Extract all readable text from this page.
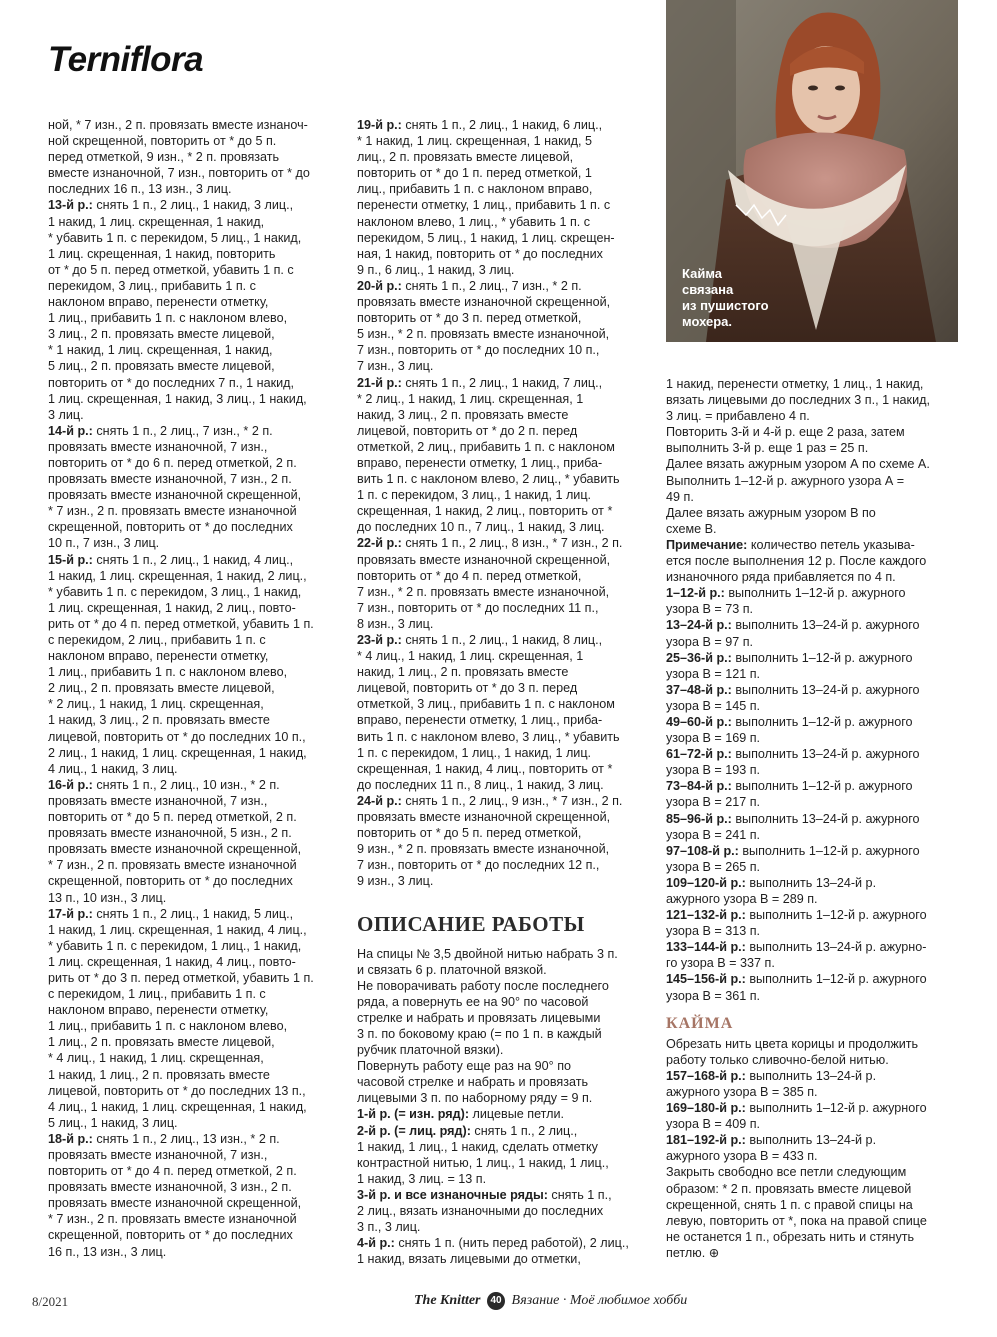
Terniflora

ной, * 7 изн., 2 п. провязать вместе изнаноч-

ной скрещенной, повторить от * до 5 п.

перед отметкой, 9 изн., * 2 п. провязать

вместе изнаночной, 7 изн., повторить от * до

последних 16 п., 13 изн., 3 лиц.

13-й р.: снять 1 п., 2 лиц., 1 накид, 3 лиц.,

1 накид, 1 лиц. скрещенная, 1 накид,

* убавить 1 п. с перекидом, 5 лиц., 1 накид,

1 лиц. скрещенная, 1 накид, повторить

от * до 5 п. перед отметкой, убавить 1 п. с

перекидом, 3 лиц., прибавить 1 п. с

наклоном вправо, перенести отметку,

1 лиц., прибавить 1 п. с наклоном влево,

3 лиц., 2 п. провязать вместе лицевой,

* 1 накид, 1 лиц. скрещенная, 1 накид,

5 лиц., 2 п. провязать вместе лицевой,

повторить от * до последних 7 п., 1 накид,

1 лиц. скрещенная, 1 накид, 3 лиц., 1 накид,

3 лиц.

14-й р.: снять 1 п., 2 лиц., 7 изн., * 2 п.

провязать вместе изнаночной, 7 изн.,

повторить от * до 6 п. перед отметкой, 2 п.

провязать вместе изнаночной, 7 изн., 2 п.

провязать вместе изнаночной скрещенной,

* 7 изн., 2 п. провязать вместе изнаночной

скрещенной, повторить от * до последних

10 п., 7 изн., 3 лиц.

15-й р.: снять 1 п., 2 лиц., 1 накид, 4 лиц.,

1 накид, 1 лиц. скрещенная, 1 накид, 2 лиц.,

* убавить 1 п. с перекидом, 3 лиц., 1 накид,

1 лиц. скрещенная, 1 накид, 2 лиц., повто-

рить от * до 4 п. перед отметкой, убавить 1 п.

с перекидом, 2 лиц., прибавить 1 п. с

наклоном вправо, перенести отметку,

1 лиц., прибавить 1 п. с наклоном влево,

2 лиц., 2 п. провязать вместе лицевой,

* 2 лиц., 1 накид, 1 лиц. скрещенная,

1 накид, 3 лиц., 2 п. провязать вместе

лицевой, повторить от * до последних 10 п.,

2 лиц., 1 накид, 1 лиц. скрещенная, 1 накид,

4 лиц., 1 накид, 3 лиц.

16-й р.: снять 1 п., 2 лиц., 10 изн., * 2 п.

провязать вместе изнаночной, 7 изн.,

повторить от * до 5 п. перед отметкой, 2 п.

провязать вместе изнаночной, 5 изн., 2 п.

провязать вместе изнаночной скрещенной,

* 7 изн., 2 п. провязать вместе изнаночной

скрещенной, повторить от * до последних

13 п., 10 изн., 3 лиц.

17-й р.: снять 1 п., 2 лиц., 1 накид, 5 лиц.,

1 накид, 1 лиц. скрещенная, 1 накид, 4 лиц.,

* убавить 1 п. с перекидом, 1 лиц., 1 накид,

1 лиц. скрещенная, 1 накид, 4 лиц., повто-

рить от * до 3 п. перед отметкой, убавить 1 п.

с перекидом, 1 лиц., прибавить 1 п. с

наклоном вправо, перенести отметку,

1 лиц., прибавить 1 п. с наклоном влево,

1 лиц., 2 п. провязать вместе лицевой,

* 4 лиц., 1 накид, 1 лиц. скрещенная,

1 накид, 1 лиц., 2 п. провязать вместе

лицевой, повторить от * до последних 13 п.,

4 лиц., 1 накид, 1 лиц. скрещенная, 1 накид,

5 лиц., 1 накид, 3 лиц.

18-й р.: снять 1 п., 2 лиц., 13 изн., * 2 п.

провязать вместе изнаночной, 7 изн.,

повторить от * до 4 п. перед отметкой, 2 п.

провязать вместе изнаночной, 3 изн., 2 п.

провязать вместе изнаночной скрещенной,

* 7 изн., 2 п. провязать вместе изнаночной

скрещенной, повторить от * до последних

16 п., 13 изн., 3 лиц.

19-й р.: снять 1 п., 2 лиц., 1 накид, 6 лиц.,

* 1 накид, 1 лиц. скрещенная, 1 накид, 5

лиц., 2 п. провязать вместе лицевой,

повторить от * до 1 п. перед отметкой, 1

лиц., прибавить 1 п. с наклоном вправо,

перенести отметку, 1 лиц., прибавить 1 п. с

наклоном влево, 1 лиц., * убавить 1 п. с

перекидом, 5 лиц., 1 накид, 1 лиц. скрещен-

ная, 1 накид, повторить от * до последних

9 п., 6 лиц., 1 накид, 3 лиц.

20-й р.: снять 1 п., 2 лиц., 7 изн., * 2 п.

провязать вместе изнаночной скрещенной,

повторить от * до 3 п. перед отметкой,

5 изн., * 2 п. провязать вместе изнаночной,

7 изн., повторить от * до последних 10 п.,

7 изн., 3 лиц.

21-й р.: снять 1 п., 2 лиц., 1 накид, 7 лиц.,

* 2 лиц., 1 накид, 1 лиц. скрещенная, 1

накид, 3 лиц., 2 п. провязать вместе

лицевой, повторить от * до 2 п. перед

отметкой, 2 лиц., прибавить 1 п. с наклоном

вправо, перенести отметку, 1 лиц., приба-

вить 1 п. с наклоном влево, 2 лиц., * убавить

1 п. с перекидом, 3 лиц., 1 накид, 1 лиц.

скрещенная, 1 накид, 2 лиц., повторить от *

до последних 10 п., 7 лиц., 1 накид, 3 лиц.

22-й р.: снять 1 п., 2 лиц., 8 изн., * 7 изн., 2 п.

провязать вместе изнаночной скрещенной,

повторить от * до 4 п. перед отметкой,

7 изн., * 2 п. провязать вместе изнаночной,

7 изн., повторить от * до последних 11 п.,

8 изн., 3 лиц.

23-й р.: снять 1 п., 2 лиц., 1 накид, 8 лиц.,

* 4 лиц., 1 накид, 1 лиц. скрещенная, 1

накид, 1 лиц., 2 п. провязать вместе

лицевой, повторить от * до 3 п. перед

отметкой, 3 лиц., прибавить 1 п. с наклоном

вправо, перенести отметку, 1 лиц., приба-

вить 1 п. с наклоном влево, 3 лиц., * убавить

1 п. с перекидом, 1 лиц., 1 накид, 1 лиц.

скрещенная, 1 накид, 4 лиц., повторить от *

до последних 11 п., 8 лиц., 1 накид, 3 лиц.

24-й р.: снять 1 п., 2 лиц., 9 изн., * 7 изн., 2 п.

провязать вместе изнаночной скрещенной,

повторить от * до 5 п. перед отметкой,

9 изн., * 2 п. провязать вместе изнаночной,

7 изн., повторить от * до последних 12 п.,

9 изн., 3 лиц.

ОПИСАНИЕ РАБОТЫ

На спицы № 3,5 двойной нитью набрать 3 п.

и связать 6 р. платочной вязкой.

Не поворачивать работу после последнего

ряда, а повернуть ее на 90° по часовой

стрелке и набрать и провязать лицевыми

3 п. по боковому краю (= по 1 п. в каждый

рубчик платочной вязки).

Повернуть работу еще раз на 90° по

часовой стрелке и набрать и провязать

лицевыми 3 п. по наборному ряду = 9 п.

1-й р. (= изн. ряд): лицевые петли.

2-й р. (= лиц. ряд): снять 1 п., 2 лиц.,

1 накид, 1 лиц., 1 накид, сделать отметку

контрастной нитью, 1 лиц., 1 накид, 1 лиц.,

1 накид, 3 лиц. = 13 п.

3-й р. и все изнаночные ряды: снять 1 п.,

2 лиц., вязать изнаночными до последних

3 п., 3 лиц.

4-й р.: снять 1 п. (нить перед работой), 2 лиц.,

1 накид, вязать лицевыми до отметки,

Кайма
связана
из пушистого
мохера.

1 накид, перенести отметку, 1 лиц., 1 накид,

вязать лицевыми до последних 3 п., 1 накид,

3 лиц. = прибавлено 4 п.

Повторить 3-й и 4-й р. еще 2 раза, затем

выполнить 3-й р. еще 1 раз = 25 п.

Далее вязать ажурным узором А по схеме А.

Выполнить 1–12-й р. ажурного узора А =

49 п.

Далее вязать ажурным узором В по

схеме В.

Примечание: количество петель указыва-

ется после выполнения 12 р. После каждого

изнаночного ряда прибавляется по 4 п.

1–12-й р.: выполнить 1–12-й р. ажурного

узора В = 73 п.

13–24-й р.: выполнить 13–24-й р. ажурного

узора В = 97 п.

25–36-й р.: выполнить 1–12-й р. ажурного

узора В = 121 п.

37–48-й р.: выполнить 13–24-й р. ажурного

узора В = 145 п.

49–60-й р.: выполнить 1–12-й р. ажурного

узора В = 169 п.

61–72-й р.: выполнить 13–24-й р. ажурного

узора В = 193 п.

73–84-й р.: выполнить 1–12-й р. ажурного

узора В = 217 п.

85–96-й р.: выполнить 13–24-й р. ажурного

узора В = 241 п.

97–108-й р.: выполнить 1–12-й р. ажурного

узора В = 265 п.

109–120-й р.: выполнить 13–24-й р.

ажурного узора В = 289 п.

121–132-й р.: выполнить 1–12-й р. ажурного

узора В = 313 п.

133–144-й р.: выполнить 13–24-й р. ажурно-

го узора В = 337 п.

145–156-й р.: выполнить 1–12-й р. ажурного

узора В = 361 п.

КАЙМА

Обрезать нить цвета корицы и продолжить

работу только сливочно-белой нитью.

157–168-й р.: выполнить 13–24-й р.

ажурного узора В = 385 п.

169–180-й р.: выполнить 1–12-й р. ажурного

узора В = 409 п.

181–192-й р.: выполнить 13–24-й р.

ажурного узора В = 433 п.

Закрыть свободно все петли следующим

образом: * 2 п. провязать вместе лицевой

скрещенной, снять 1 п. с правой спицы на

левую, повторить от *, пока на правой спице

не останется 1 п., обрезать нить и стянуть

петлю. ⊕

8/2021	The Knitter 40 Вязание · Моё любимое хобби
